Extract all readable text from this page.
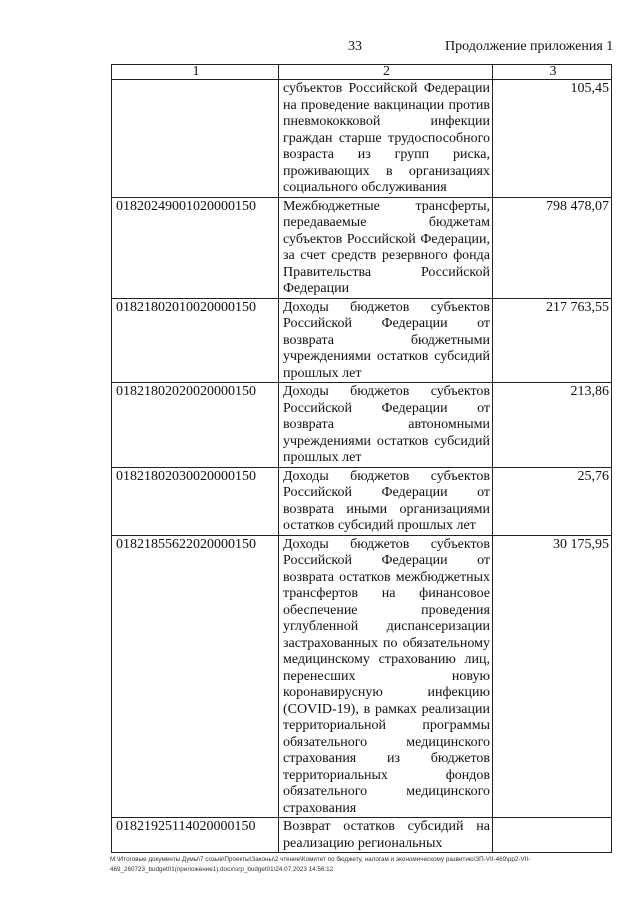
33	Продолжение приложения 1
1	2	3
	субъектов Российской Федерации на проведение вакцинации против пневмококковой инфекции граждан старше трудоспособного возраста из групп риска, проживающих в организациях социального обслуживания	105,45
01820249001020000150	Межбюджетные трансферты, передаваемые бюджетам субъектов Российской Федерации, за счет средств резервного фонда Правительства Российской Федерации	798 478,07
01821802010020000150	Доходы бюджетов субъектов Российской Федерации от возврата бюджетными учреждениями остатков субсидий прошлых лет	217 763,55
01821802020020000150	Доходы бюджетов субъектов Российской Федерации от возврата автономными учреждениями остатков субсидий прошлых лет	213,86
01821802030020000150	Доходы бюджетов субъектов Российской Федерации от возврата иными организациями остатков субсидий прошлых лет	25,76
01821855622020000150	Доходы бюджетов субъектов Российской Федерации от возврата остатков межбюджетных трансфертов на финансовое обеспечение проведения углубленной диспансеризации застрахованных по обязательному медицинскому страхованию лиц, перенесших новую коронавирусную инфекцию (COVID-19), в рамках реализации территориальной программы обязательного медицинского страхования из бюджетов территориальных фондов обязательного медицинского страхования	30 175,95
01821925114020000150	Возврат остатков субсидий на реализацию региональных	
М:\Итоговые документы Думы\7 созыв\Проекты\Законы\2 чтение\Комитет по бюджету, налогам и экономическому развитию\ЗП-VII-469\рр2-VII-469_260723_budget01(приложение1).docx\srp_budget01\24.07.2023 14:56:12
